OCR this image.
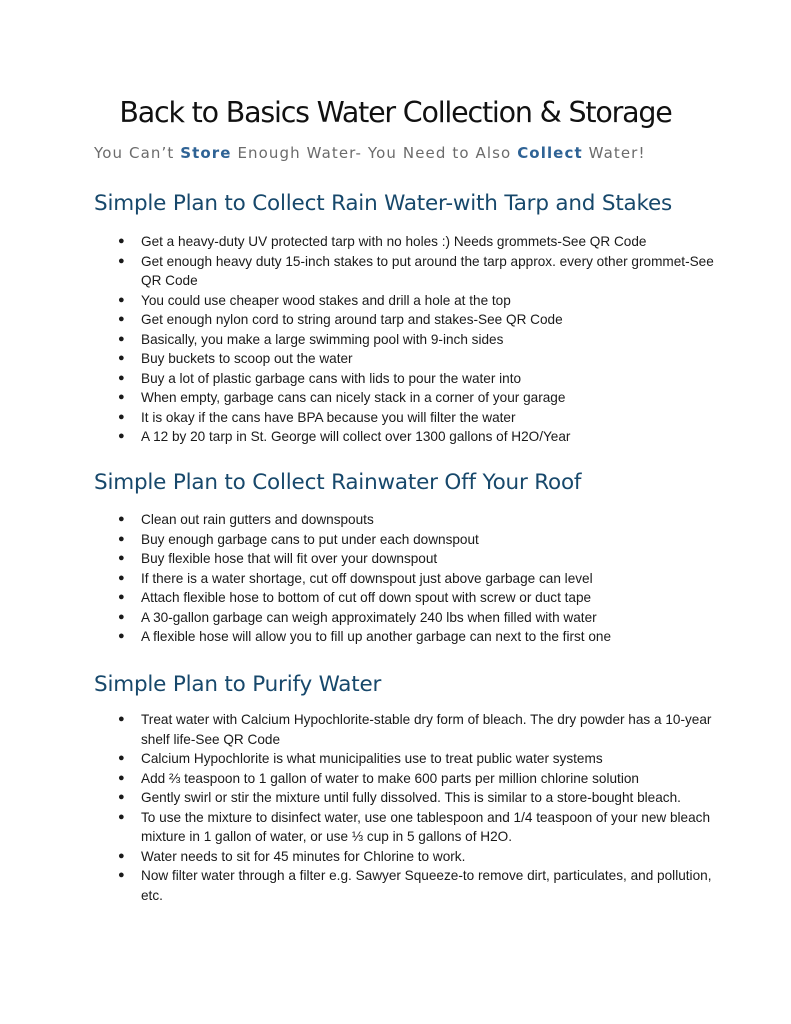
Back to Basics Water Collection & Storage

You Can’t Store Enough Water- You Need to Also Collect Water!

Simple Plan to Collect Rain Water-with Tarp and Stakes
● Get a heavy-duty UV protected tarp with no holes :) Needs grommets-See QR Code
● Get enough heavy duty 15-inch stakes to put around the tarp approx. every other grommet-See QR Code
● You could use cheaper wood stakes and drill a hole at the top
● Get enough nylon cord to string around tarp and stakes-See QR Code
● Basically, you make a large swimming pool with 9-inch sides
● Buy buckets to scoop out the water
● Buy a lot of plastic garbage cans with lids to pour the water into
● When empty, garbage cans can nicely stack in a corner of your garage
● It is okay if the cans have BPA because you will filter the water
● A 12 by 20 tarp in St. George will collect over 1300 gallons of H2O/Year
Simple Plan to Collect Rainwater Off Your Roof
● Clean out rain gutters and downspouts
● Buy enough garbage cans to put under each downspout
● Buy flexible hose that will fit over your downspout
● If there is a water shortage, cut off downspout just above garbage can level
● Attach flexible hose to bottom of cut off down spout with screw or duct tape
● A 30-gallon garbage can weigh approximately 240 lbs when filled with water
● A flexible hose will allow you to fill up another garbage can next to the first one
Simple Plan to Purify Water
● Treat water with Calcium Hypochlorite-stable dry form of bleach. The dry powder has a 10-year shelf life-See QR Code
● Calcium Hypochlorite is what municipalities use to treat public water systems
● Add ⅔ teaspoon to 1 gallon of water to make 600 parts per million chlorine solution
● Gently swirl or stir the mixture until fully dissolved. This is similar to a store-bought bleach.
● To use the mixture to disinfect water, use one tablespoon and 1/4 teaspoon of your new bleach mixture in 1 gallon of water, or use ⅓ cup in 5 gallons of H2O.
● Water needs to sit for 45 minutes for Chlorine to work.
● Now filter water through a filter e.g. Sawyer Squeeze-to remove dirt, particulates, and pollution, etc.
